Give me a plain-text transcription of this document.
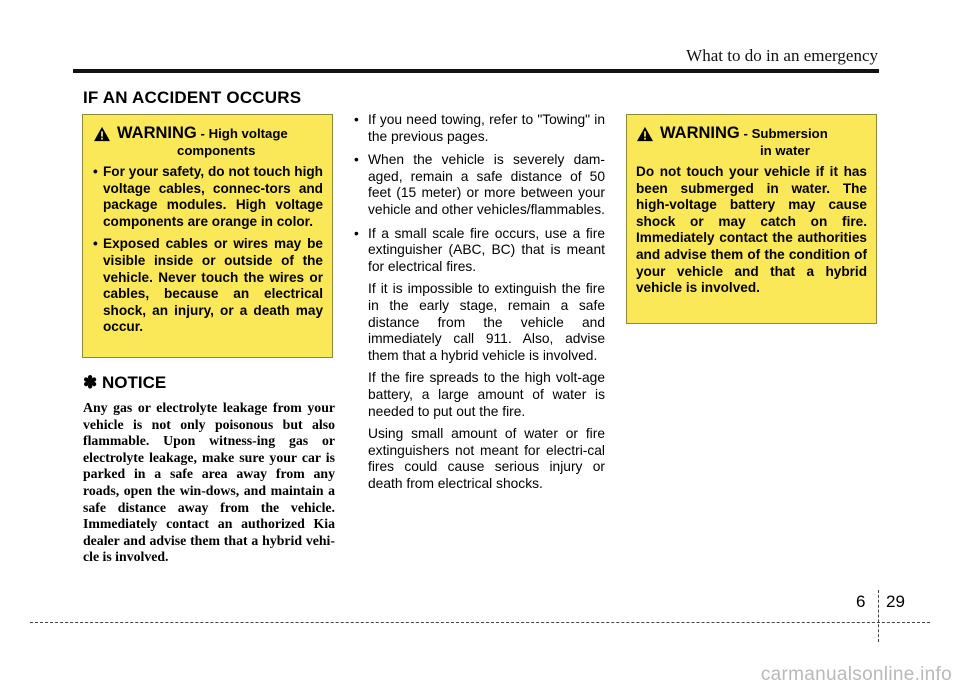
What to do in an emergency
IF AN ACCIDENT OCCURS
WARNING - High voltage
components
• For your safety, do not touch high voltage cables, connec-tors and package modules. High voltage components are orange in color.
• Exposed cables or wires may be visible inside or outside of the vehicle. Never touch the wires or cables, because an electrical shock, an injury, or a death may occur.
✽ NOTICE

Any gas or electrolyte leakage from your vehicle is not only poisonous but also flammable. Upon witness-ing gas or electrolyte leakage, make sure your car is parked in a safe area away from any roads, open the win-dows, and maintain a safe distance away from the vehicle. Immediately contact an authorized Kia dealer and advise them that a hybrid vehi-cle is involved.

• If you need towing, refer to "Towing" in the previous pages.

• When the vehicle is severely dam-aged, remain a safe distance of 50 feet (15 meter) or more between your vehicle and other vehicles/flammables.

• If a small scale fire occurs, use a fire extinguisher (ABC, BC) that is meant for electrical fires.

If it is impossible to extinguish the fire in the early stage, remain a safe distance from the vehicle and immediately call 911. Also, advise them that a hybrid vehicle is involved.

If the fire spreads to the high volt-age battery, a large amount of water is needed to put out the fire.

Using small amount of water or fire extinguishers not meant for electri-cal fires could cause serious injury or death from electrical shocks.

WARNING - Submersion
in water
Do not touch your vehicle if it has been submerged in water. The high-voltage battery may cause shock or may catch on fire. Immediately contact the authorities and advise them of the condition of your vehicle and that a hybrid vehicle is involved.
6 29
carmanualsonline.info
